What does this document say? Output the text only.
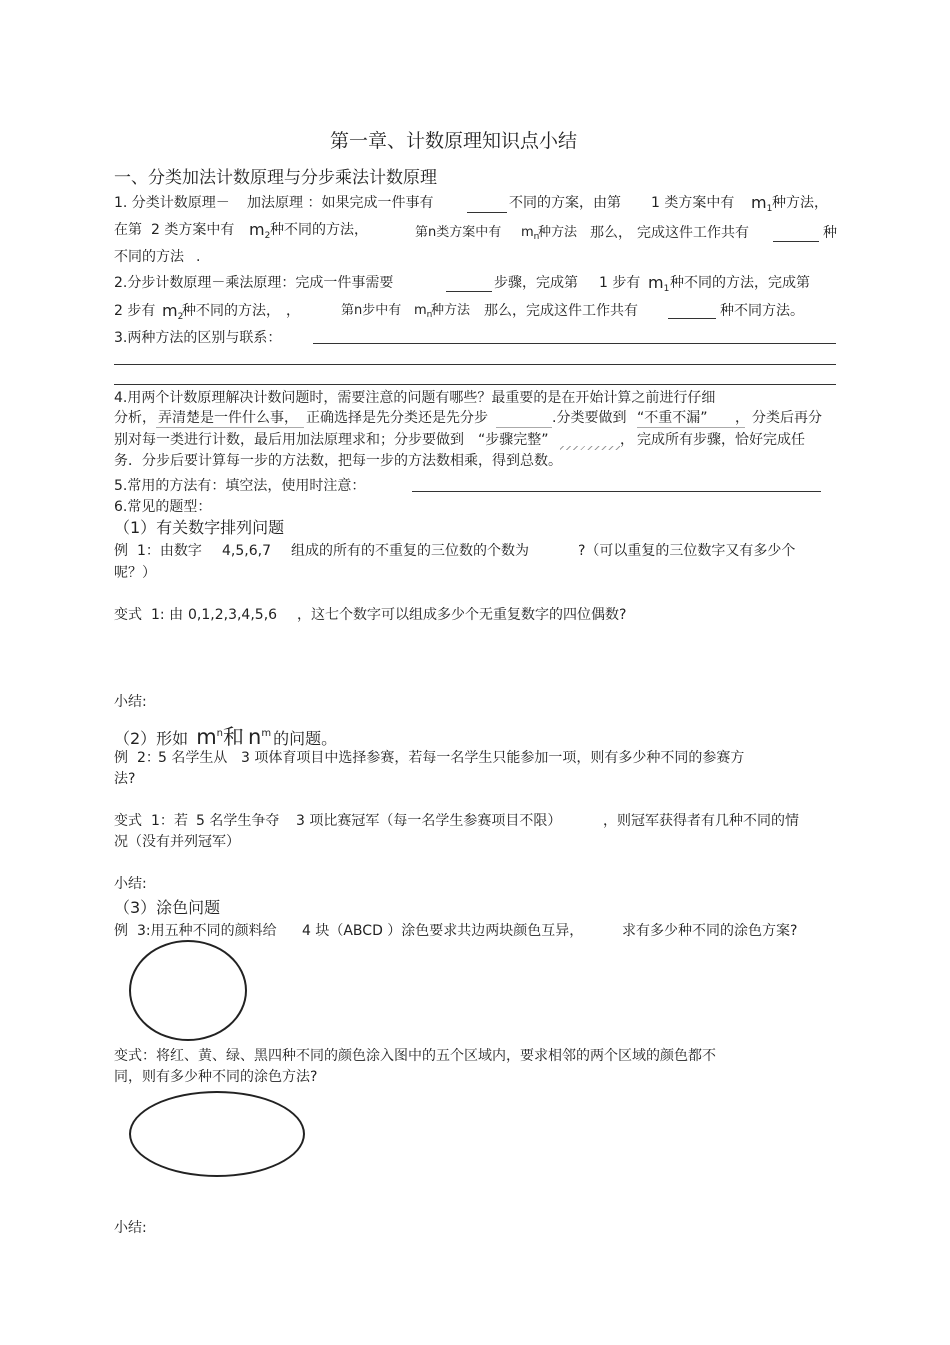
第一章、计数原理知识点小结
一、分类加法计数原理与分步乘法计数原理
1. 分类计数原理－ 加法原理 ：如果完成一件事有	不同的方案，由第 1 类方案中有 $m_1$ 种方法，
在第 2 类方案中有 $m_2$ 种不同的方法，	第n类方案中有 $m_n$
种方法 那么， 完成这件工作共有	种
不同的方法 .
2.分步计数原理－乘法原理：完成一件事需要	步骤，完成第 1 步有 $m_1$ 种不同的方法，完成第
2 步有 $m_2$
种不同的方法， ，	第n步中有 $m_n$
种方法 那么，完成这件工作共有	种不同方法。
3.两种方法的区别与联系：
4.用两个计数原理解决计数问题时，需要注意的问题有哪些？最重要的是在开始计算之前进行仔细
分析， 弄清楚是一件什么事， 正确选择是先分类还是先分步	.分类要做到 “不重不漏” ， 分类后再分
别对每一类进行计数，最后用加法原理求和；分步要做到 “步骤完整”	， 完成所有步骤，恰好完成任
务．分步后要计算每一步的方法数，把每一步的方法数相乘，得到总数。
5.常用的方法有：填空法，使用时注意：
6.常见的题型：
（1）有关数字排列问题
例 1：由数字 4,5,6,7 组成的所有的不重复的三位数的个数为	?（可以重复的三位数字又有多少个
呢？）
变式 1: 由 0,1,2,3,4,5,6 ，这七个数字可以组成多少个无重复数字的四位偶数?
小结:
（2）形如 $m^n$和 $n^m$ 的问题。
例 2：
5 名学生从 3 项体育项目中选择参赛，若每一名学生只能参加一项，则有多少种不同的参赛方
法?
变式 1： 若 5 名学生争夺 3 项比赛冠军（每一名学生参赛项目不限）	，则冠军获得者有几种不同的情
况（没有并列冠军）
小结:
（3）涂色问题
例 3:用五种不同的颜料给 4 块（ABCD ）涂色要求共边两块颜色互异，	求有多少种不同的涂色方案?
变式：将红、黄、绿、黑四种不同的颜色涂入图中的五个区域内，要求相邻的两个区域的颜色都不
同，则有多少种不同的涂色方法?
小结:
